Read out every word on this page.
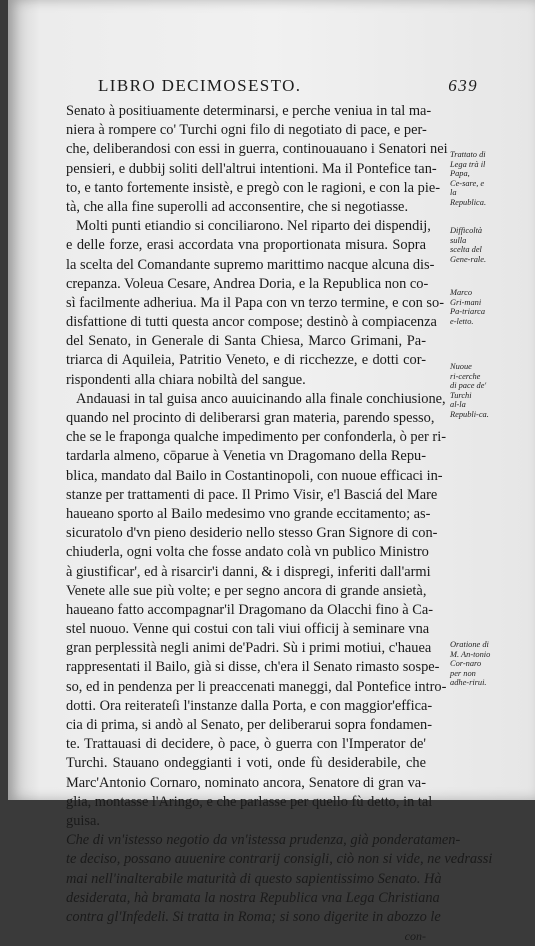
LIBRO DECIMOSESTO.	639
Senato à positiuamente determinarsi, e perche veniua in tal ma-
niera à rompere co' Turchi ogni filo di negotiato di pace, e per-
che, deliberandosi con essi in guerra, continouauano i Senatori nei
pensieri, e dubbij soliti dell'altrui intentioni. Ma il Pontefice tan-
to, e tanto fortemente insistè, e pregò con le ragioni, e con la pie-
tà, che alla fine superolli ad acconsentire, che si negotiasse.
Molti punti etiandio si conciliarono. Nel riparto dei dispendij,
e delle forze, erasi accordata vna proportionata misura. Sopra
la scelta del Comandante supremo marittimo nacque alcuna dis-
crepanza. Voleua Cesare, Andrea Doria, e la Republica non co-
sì facilmente adheriua. Ma il Papa con vn terzo termine, e con so-
disfattione di tutti questa ancor compose; destinò à compiacenza
del Senato, in Generale di Santa Chiesa, Marco Grimani, Pa-
triarca di Aquileia, Patritio Veneto, e di ricchezze, e dotti cor-
rispondenti alla chiara nobiltà del sangue.
Andauasi in tal guisa anco auuicinando alla finale conchiusione,
quando nel procinto di deliberarsi gran materia, parendo spesso,
che se le fraponga qualche impedimento per confonderla, ò per ri-
tardarla almeno, cōparue à Venetia vn Dragomano della Repu-
blica, mandato dal Bailo in Costantinopoli, con nuoue efficaci in-
stanze per trattamenti di pace. Il Primo Visir, e'l Basciá del Mare
haueano sporto al Bailo medesimo vno grande eccitamento; as-
sicuratolo d'vn pieno desiderio nello stesso Gran Signore di con-
chiuderla, ogni volta che fosse andato colà vn publico Ministro
à giustificar', ed à risarcir'i danni, & i dispregi, inferiti dall'armi
Venete alle sue più volte; e per segno ancora di grande ansietà,
haueano fatto accompagnar'il Dragomano da Olacchi fino à Ca-
stel nuouo. Venne qui costui con tali viui officij à seminare vna
gran perplessità negli animi de'Padri. Sù i primi motiui, c'haueа
rappresentati il Bailo, già si disse, ch'era il Senato rimasto sospe-
so, ed in pendenza per li preaccenati maneggi, dal Pontefice intro-
dotti. Ora reiterateſi l'instanze dalla Porta, e con maggior'effica-
cia di prima, si andò al Senato, per deliberarui sopra fondamen-
te. Trattauasi di decidere, ò pace, ò guerra con l'Imperator de'
Turchi. Stauano ondeggianti i voti, onde fù desiderabile, che
Marc'Antonio Cornaro, nominato ancora, Senatore di gran va-
glia, montasse l'Aringo, e che parlasse per quello fù detto, in tal
guisa.
Che di vn'istesso negotio da vn'istessa prudenza, già ponderatamen-
te deciso, possano auuenire contrarij consigli, ciò non si vide, ne vedrassi
mai nell'inalterabile maturità di questo sapientissimo Senato. Hà
desiderata, hà bramata la nostra Republica vna Lega Christiana
contra gl'Infedeli. Si tratta in Roma; si sono digerite in abozzo le
con-
Trattato di
Lega trà il
Papa,
Ce-sare, e
la
Republica.
Difficoltà
sulla
scelta del
Gene-rale.
Marco
Gri-mani
Pa-triarca
e-letto.
Nuoue
ri-cerche
di pace de'
Turchi
al-la
Republi-ca.
Oratione di
M. An-tonio
Cor-naro
per non
adhe-rirui.
